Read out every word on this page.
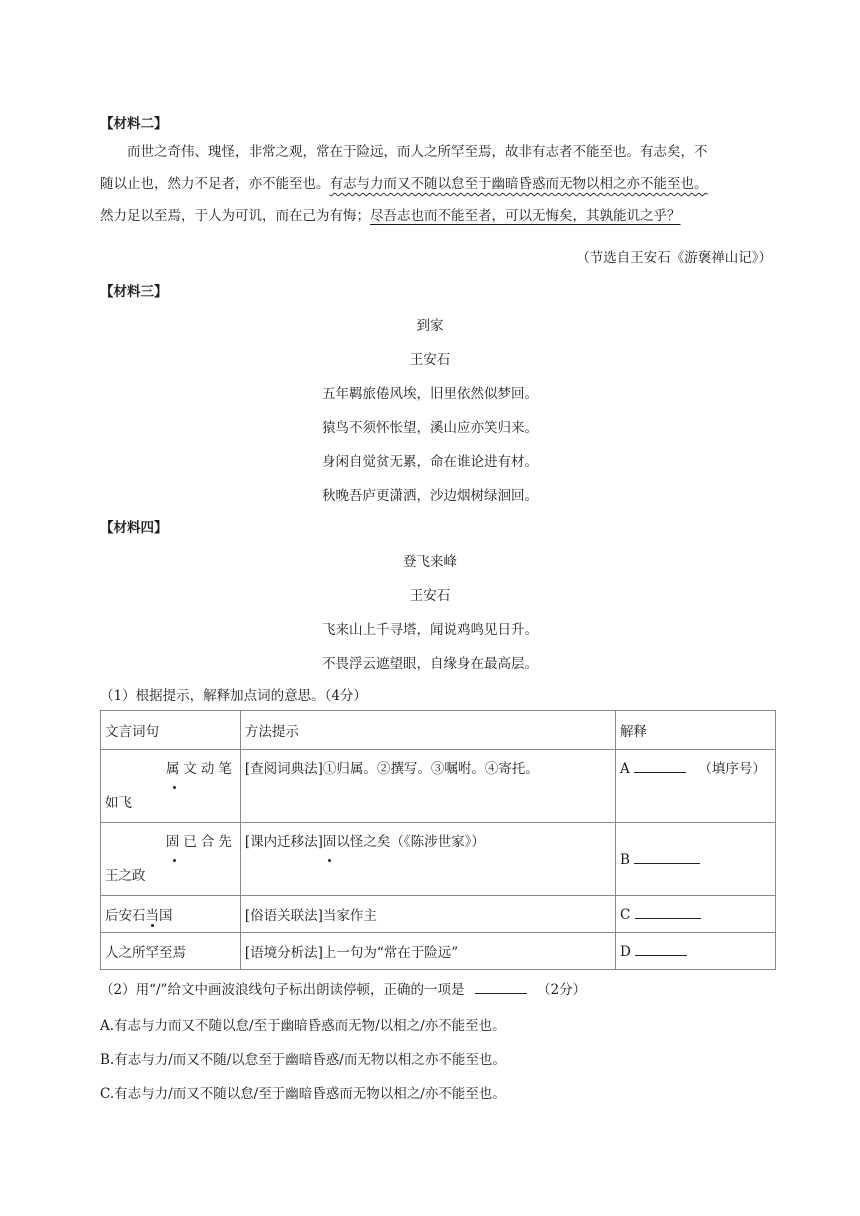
【材料二】
而世之奇伟、瑰怪，非常之观，常在于险远，而人之所罕至焉，故非有志者不能至也。有志矣，不
随以止也，然力不足者，亦不能至也。有志与力而又不随以怠至于幽暗昏惑而无物以相之亦不能至也。
然力足以至焉，于人为可讥，而在己为有悔；尽吾志也而不能至者，可以无悔矣，其孰能讥之乎？
（节选自王安石《游褒禅山记》）
【材料三】
到家
王安石
五年羁旅倦风埃，旧里依然似梦回。
猿鸟不须怀怅望，溪山应亦笑归来。
身闲自觉贫无累，命在谁论进有材。
秋晚吾庐更潇洒，沙边烟树绿洄回。
【材料四】
登飞来峰
王安石
飞来山上千寻塔，闻说鸡鸣见日升。
不畏浮云遮望眼，自缘身在最高层。
（1）根据提示，解释加点词的意思。（4分）
文言词句	方法提示	解释

属文动笔
如飞	[查阅词典法]①归属。②撰写。③嘱咐。④寄托。	A （填序号）

固已合先
王之政	[课内迁移法]固以怪之矣（《陈涉世家》）	B
后安石当国	[俗语关联法]当家作主	C
人之所罕至焉	[语境分析法]上一句为“常在于险远”	D
（2）用“/”给文中画波浪线句子标出朗读停顿，正确的一项是	（2分）
A.有志与力而又不随以怠/至于幽暗昏惑而无物/以相之/亦不能至也。
B.有志与力/而又不随/以怠至于幽暗昏惑/而无物以相之亦不能至也。
C.有志与力/而又不随以怠/至于幽暗昏惑而无物以相之/亦不能至也。
